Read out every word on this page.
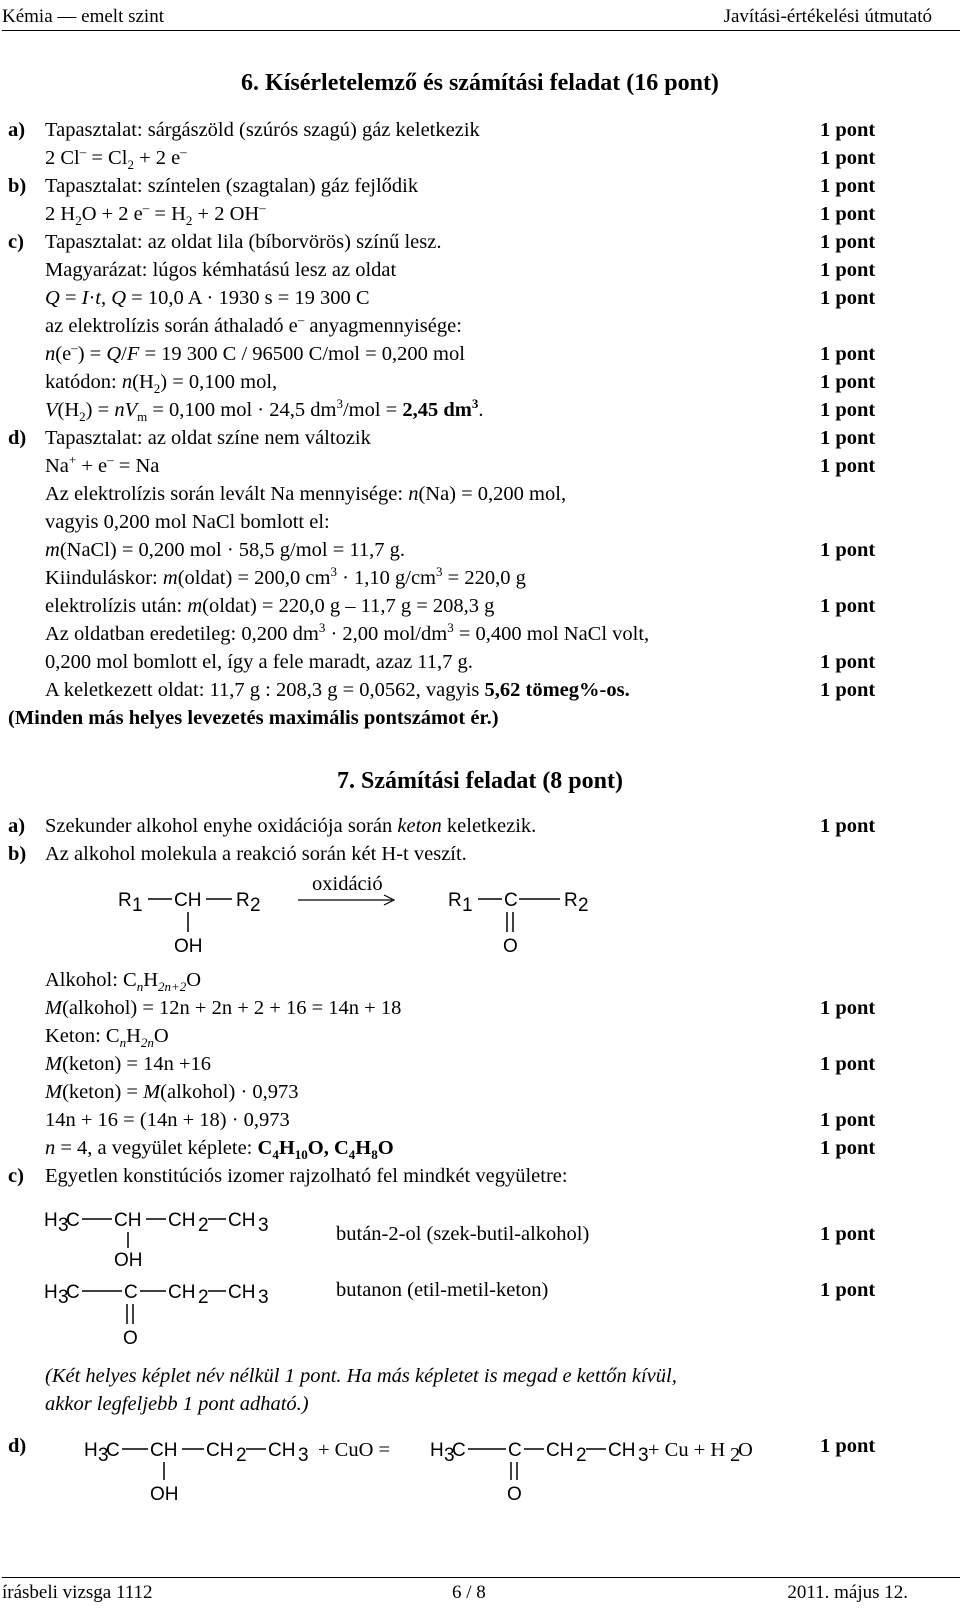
Kémia — emelt szint	Javítási-értékelési útmutató
6. Kísérletelemző és számítási feladat (16 pont)
a) Tapasztalat: sárgászöld (szúrós szagú) gáz keletkezik	1 pont
2 $Cl^- = Cl_2 + 2$ e–	1 pont
b) Tapasztalat: színtelen (szagtalan) gáz fejlődik	1 pont
2 $H_2O + 2$ $e^- = H_2 + 2$ OH–	1 pont
c) Tapasztalat: az oldat lila (bíborvörös) színű lesz.	1 pont
Magyarázat: lúgos kémhatású lesz az oldat	1 pont
Q = I·t, Q = 10,0 A · 1930 s = 19 300 C	1 pont
az elektrolízis során áthaladó e– anyagmennyisége:
n(e–) = Q/F = 19 300 C / 96500 C/mol = 0,200 mol	1 pont
katódon: $n(H_2) = 0,100$ mol,	1 pont
$V(H_2) = nV_m = 0,100$ mol · 24,5 $dm^3$/mol = 2,45 $dm^3$.	1 pont
d) Tapasztalat: az oldat színe nem változik	1 pont
Na+ + e– = Na	1 pont
Az elektrolízis során levált Na mennyisége: n(Na) = 0,200 mol,
vagyis 0,200 mol NaCl bomlott el:
m(NaCl) = 0,200 mol · 58,5 g/mol = 11,7 g.	1 pont
Kiinduláskor: m(oldat) = 200,0 $cm^3 \cdot 1,10$ $g/cm^3 = 220,0$ g
elektrolízis után: m(oldat) = 220,0 g – 11,7 g = 208,3 g	1 pont
Az oldatban eredetileg: 0,200 $dm^3 \cdot 2,00$ mol/$dm^3 = 0,400$ mol NaCl volt,
0,200 mol bomlott el, így a fele maradt, azaz 11,7 g.	1 pont
A keletkezett oldat: 11,7 g : 208,3 g = 0,0562, vagyis 5,62 tömeg%-os.	1 pont
(Minden más helyes levezetés maximális pontszámot ér.)
7. Számítási feladat (8 pont)
a) Szekunder alkohol enyhe oxidációja során keton keletkezik.	1 pont
b) Az alkohol molekula a reakció során két H-t veszít.
R 1 CH R 2
OH
oxidáció
R 1 C R 2
O
Alkohol: $C_nH_{2n+2}O$
M(alkohol) = 12n + 2n + 2 + 16 = 14n + 18	1 pont
Keton: $C_nH_{2n}O$
M(keton) = 14n +16	1 pont
M(keton) = M(alkohol) · 0,973
14n + 16 = (14n + 18) · 0,973	1 pont
n = 4, a vegyület képlete: $C_4H_{10}O$, $C_4H_8O$	1 pont
c) Egyetlen konstitúciós izomer rajzolható fel mindkét vegyületre:
H 3
C CH CH 2 CH 3
OH
H 3
C C CH 2 CH 3
O
bután-2-ol (szek-butil-alkohol)	1 pont
butanon (etil-metil-keton)	1 pont
(Két helyes képlet név nélkül 1 pont. Ha más képletet is megad e kettőn kívül,
akkor legfeljebb 1 pont adható.)
d)	H 3
C CH CH 2 CH 3
OH
+ CuO = H 3
C C CH 2 CH 3
O
+ Cu + H 2
O	1 pont
írásbeli vizsga 1112	6 / 8	2011. május 12.
